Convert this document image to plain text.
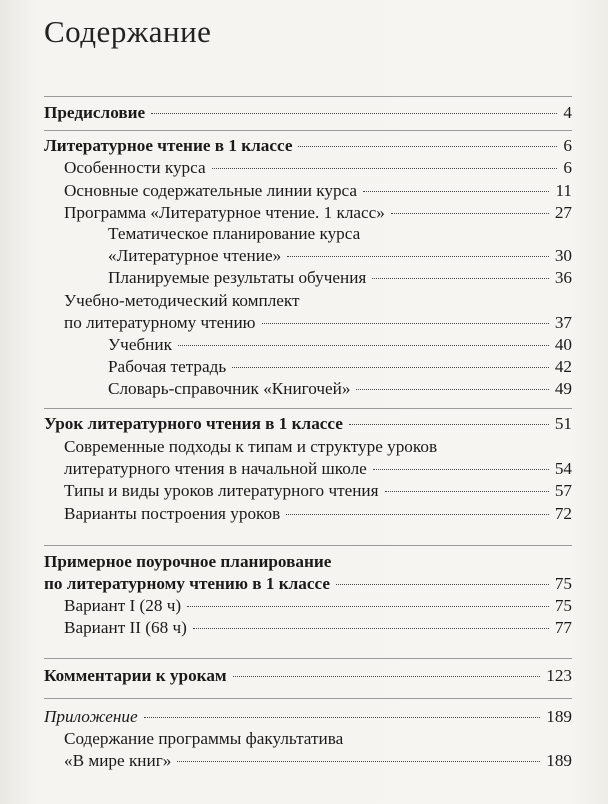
Содержание
Предисловие	4
Литературное чтение в 1 классе	6
Особенности курса	6
Основные содержательные линии курса	11
Программа «Литературное чтение. 1 класс»	27
Тематическое планирование курса
«Литературное чтение»	30
Планируемые результаты обучения	36
Учебно-методический комплект
по литературному чтению	37
Учебник	40
Рабочая тетрадь	42
Словарь-справочник «Книгочей»	49
Урок литературного чтения в 1 классе	51
Современные подходы к типам и структуре уроков
литературного чтения в начальной школе	54
Типы и виды уроков литературного чтения	57
Варианты построения уроков	72
Примерное поурочное планирование
по литературному чтению в 1 классе	75
Вариант I (28 ч)	75
Вариант II (68 ч)	77
Комментарии к урокам	123
Приложение	189
Содержание программы факультатива
«В мире книг»	189
